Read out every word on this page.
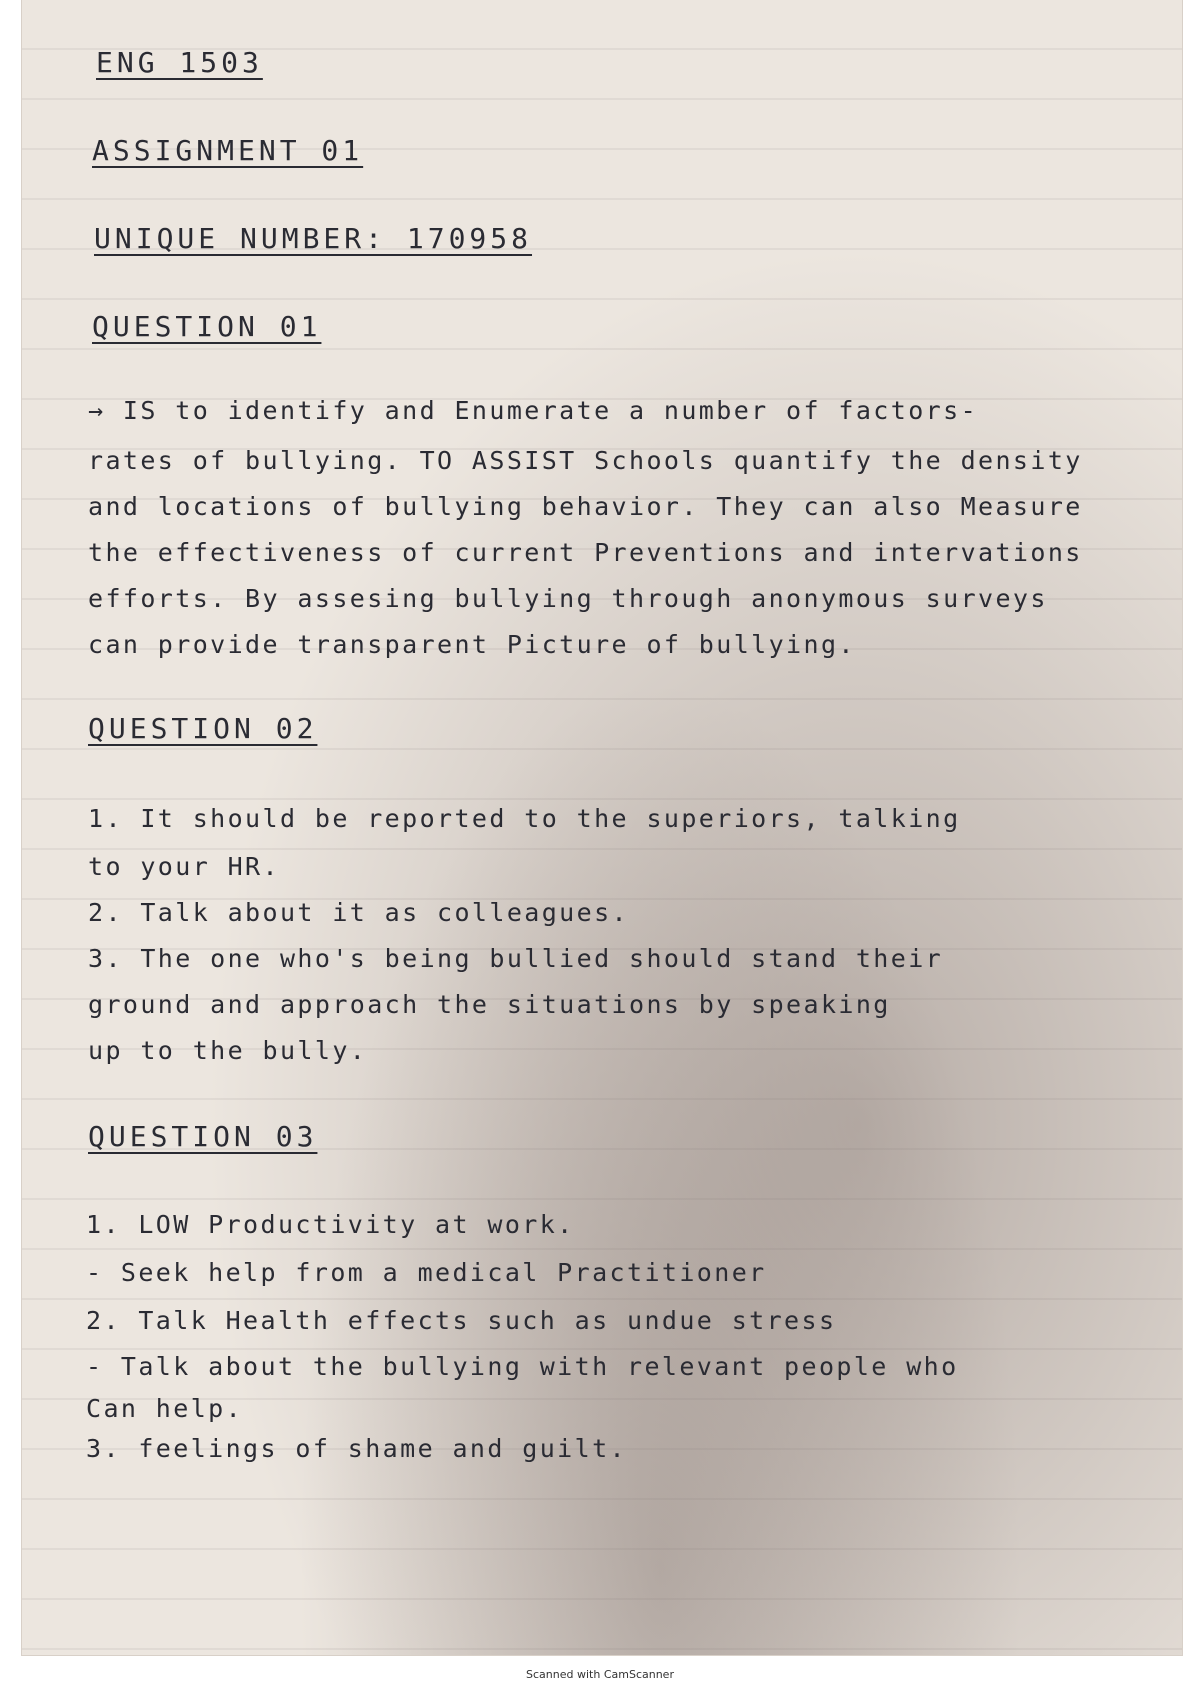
ENG 1503
ASSIGNMENT 01
UNIQUE NUMBER: 170958
QUESTION 01
→ IS to identify and Enumerate a number of factors-
rates of bullying. TO ASSIST Schools quantify the density
and locations of bullying behavior. They can also Measure
the effectiveness of current Preventions and intervations
efforts. By assesing bullying through anonymous surveys
can provide transparent Picture of bullying.
QUESTION 02
1. It should be reported to the superiors, talking
to your HR.
2. Talk about it as colleagues.
3. The one who's being bullied should stand their
ground and approach the situations by speaking
up to the bully.
QUESTION 03
1. LOW Productivity at work.
- Seek help from a medical Practitioner
2. Talk Health effects such as undue stress
- Talk about the bullying with relevant people who
Can help.
3. feelings of shame and guilt.
Scanned with CamScanner
